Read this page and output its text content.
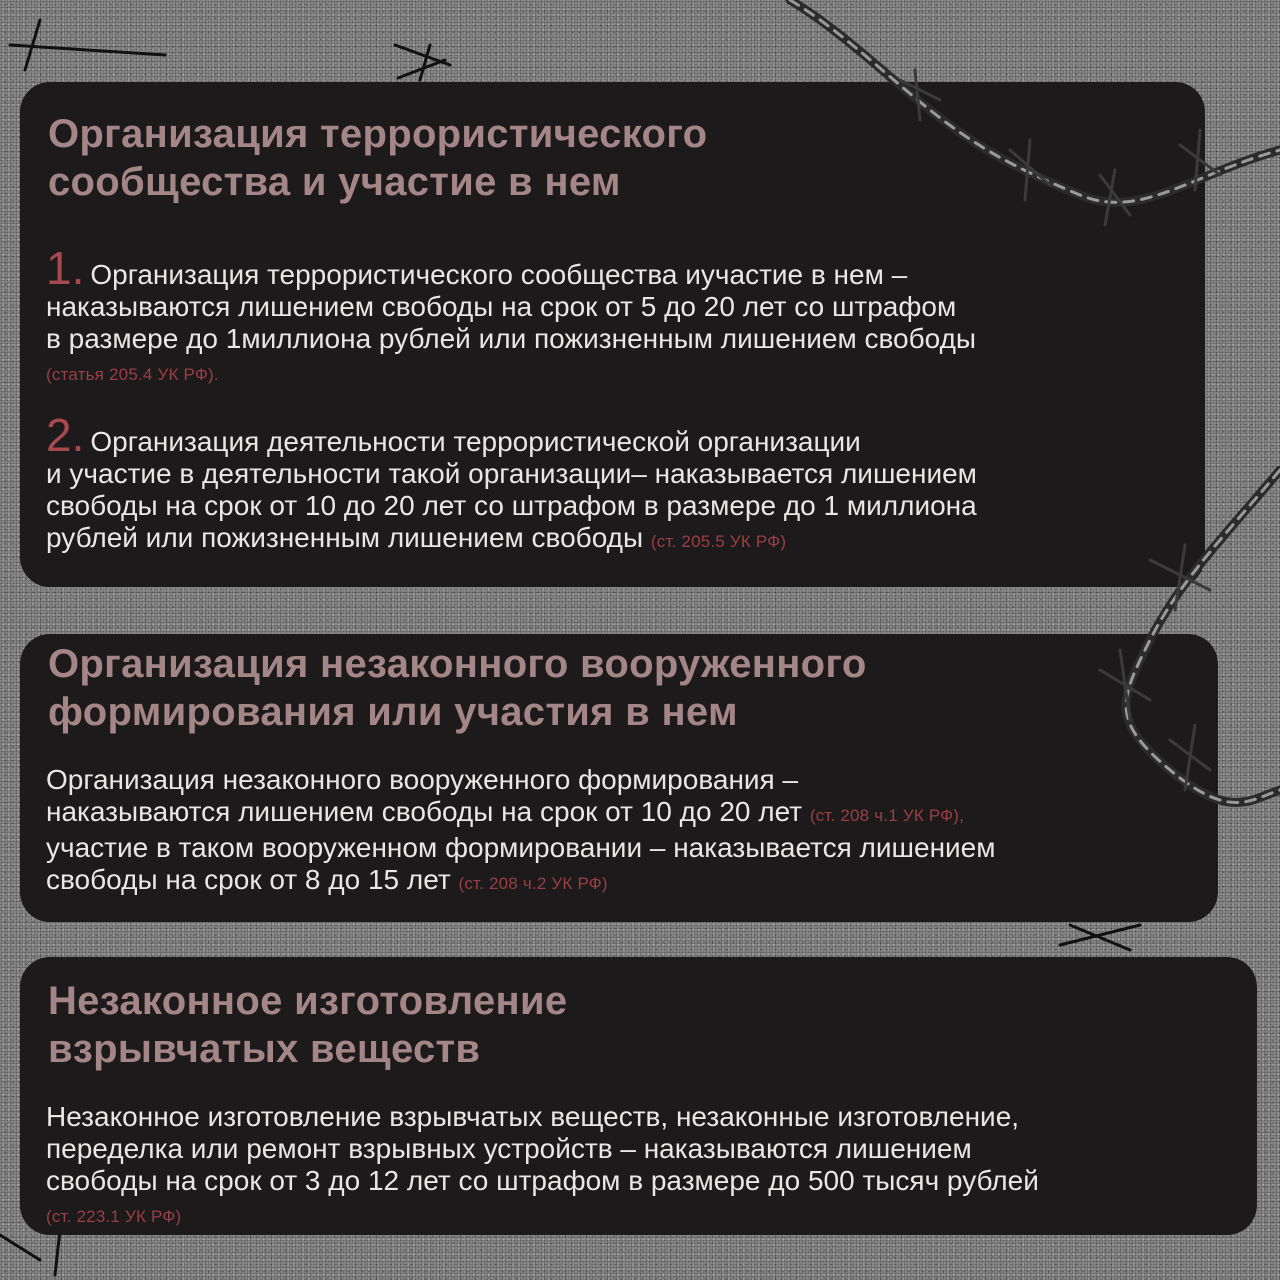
Организация террористического
сообщества и участие в нем
1. Организация террористического сообщества иучастие в нем –
наказываются лишением свободы на срок от 5 до 20 лет со штрафом
в размере до 1миллиона рублей или пожизненным лишением свободы
(статья 205.4 УК РФ).
2. Организация деятельности террористической организации
и участие в деятельности такой организации– наказывается лишением
свободы на срок от 10 до 20 лет со штрафом в размере до 1 миллиона
рублей или пожизненным лишением свободы (ст. 205.5 УК РФ)
Организация незаконного вооруженного
формирования или участия в нем
Организация незаконного вооруженного формирования –
наказываются лишением свободы на срок от 10 до 20 лет (ст. 208 ч.1 УК РФ),
участие в таком вооруженном формировании – наказывается лишением
свободы на срок от 8 до 15 лет (ст. 208 ч.2 УК РФ)
Незаконное изготовление
взрывчатых веществ
Незаконное изготовление взрывчатых веществ, незаконные изготовление,
переделка или ремонт взрывных устройств – наказываются лишением
свободы на срок от 3 до 12 лет со штрафом в размере до 500 тысяч рублей
(ст. 223.1 УК РФ)
